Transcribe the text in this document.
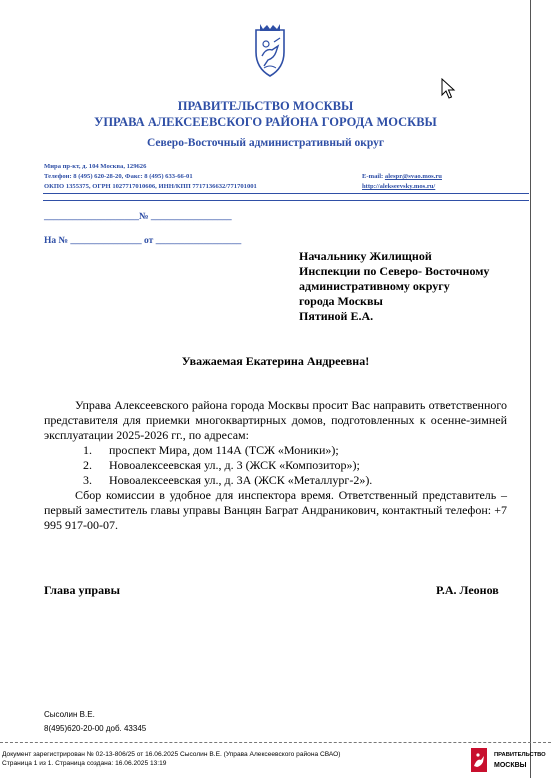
ПРАВИТЕЛЬСТВО МОСКВЫ
УПРАВА АЛЕКСЕЕВСКОГО РАЙОНА ГОРОДА МОСКВЫ
Северо-Восточный административный округ
Мира пр-кт, д. 104 Москва, 129626
Телефон: 8 (495) 620-28-20, Факс: 8 (495) 633-66-01
ОКПО 1355375, ОГРН 1027717010606, ИНН/КПП 7717136632/771701001
E-mail: alespr@svao.mos.ru
http://alekseevsky.mos.ru/
____________________№ _________________
На № _______________ от __________________
Начальнику Жилищной
Инспекции по Северо- Восточному
административному округу
города Москвы
Пятиной Е.А.
Уважаемая Екатерина Андреевна!

Управа Алексеевского района города Москвы просит Вас направить ответственного представителя для приемки многоквартирных домов, подготовленных к осенне-зимней эксплуатации 2025-2026 гг., по адресам:

1. проспект Мира, дом 114А (ТСЖ «Моники»);
2. Новоалексеевская ул., д. 3 (ЖСК «Композитор»);
3. Новоалексеевская ул., д. 3А (ЖСК «Металлург-2»).

Сбор комиссии в удобное для инспектора время. Ответственный представитель – первый заместитель главы управы Ванцян Баграт Андраникович, контактный телефон: +7 995 917-00-07.

Глава управы	Р.А. Леонов
Сысолин В.Е.
8(495)620-20-00 доб. 43345
Документ зарегистрирован № 02-13-806/25 от 16.06.2025 Сысолин В.Е. (Управа Алексеевского района СВАО)
Страница 1 из 1. Страница создана: 16.06.2025 13:19
ПРАВИТЕЛЬСТВО
МОСКВЫ
